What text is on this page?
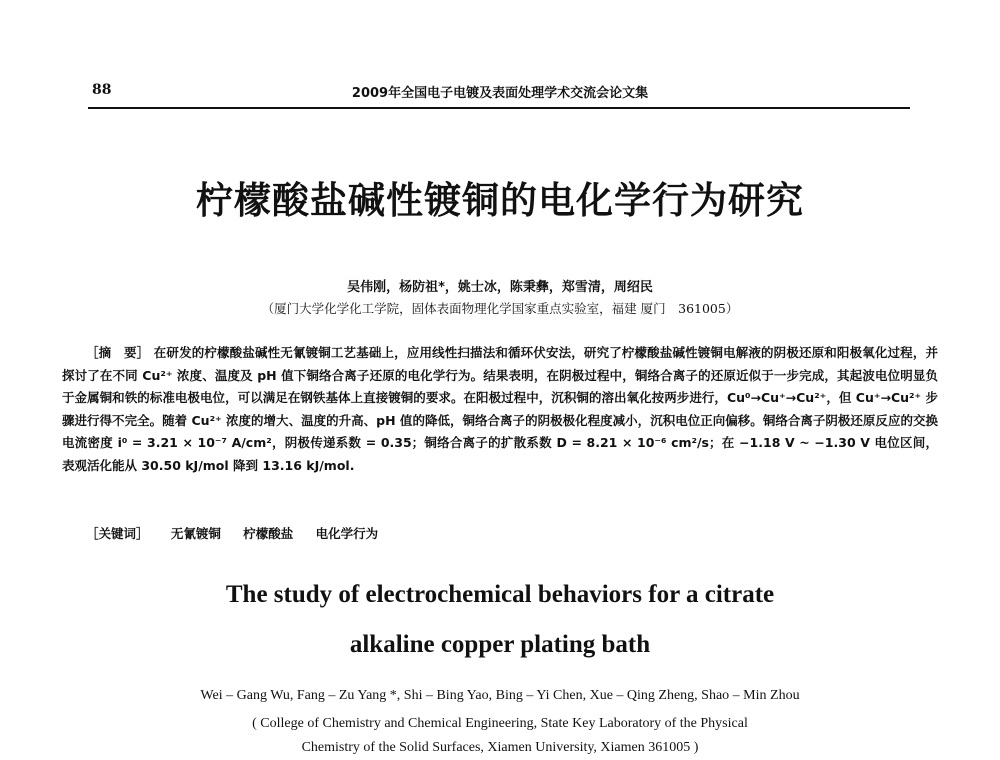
88	2009年全国电子电镀及表面处理学术交流会论文集
柠檬酸盐碱性镀铜的电化学行为研究
吴伟刚，杨防祖*，姚士冰，陈秉彝，郑雪清，周绍民
（厦门大学化学化工学院，固体表面物理化学国家重点实验室，福建 厦门　361005）
［摘　要］ 在研发的柠檬酸盐碱性无氰镀铜工艺基础上，应用线性扫描法和循环伏安法，研究了柠檬酸盐碱性镀铜电解液的阴极还原和阳极氧化过程，并探讨了在不同 Cu²⁺ 浓度、温度及 pH 值下铜络合离子还原的电化学行为。结果表明，在阴极过程中，铜络合离子的还原近似于一步完成，其起波电位明显负于金属铜和铁的标准电极电位，可以满足在钢铁基体上直接镀铜的要求。在阳极过程中，沉积铜的溶出氧化按两步进行，Cu⁰→Cu⁺→Cu²⁺，但 Cu⁺→Cu²⁺ 步骤进行得不完全。随着 Cu²⁺ 浓度的增大、温度的升高、pH 值的降低，铜络合离子的阴极极化程度减小，沉积电位正向偏移。铜络合离子阴极还原反应的交换电流密度 i⁰ = 3.21 × 10⁻⁷ A/cm²，阴极传递系数 = 0.35；铜络合离子的扩散系数 D = 8.21 × 10⁻⁶ cm²/s；在 −1.18 V ~ −1.30 V 电位区间，表观活化能从 30.50 kJ/mol 降到 13.16 kJ/mol.
［关键词］ 无氰镀铜 柠檬酸盐 电化学行为
The study of electrochemical behaviors for a citrate
alkaline copper plating bath
Wei – Gang Wu, Fang – Zu Yang *, Shi – Bing Yao, Bing – Yi Chen, Xue – Qing Zheng, Shao – Min Zhou
( College of Chemistry and Chemical Engineering, State Key Laboratory of the Physical
Chemistry of the Solid Surfaces, Xiamen University, Xiamen 361005 )
